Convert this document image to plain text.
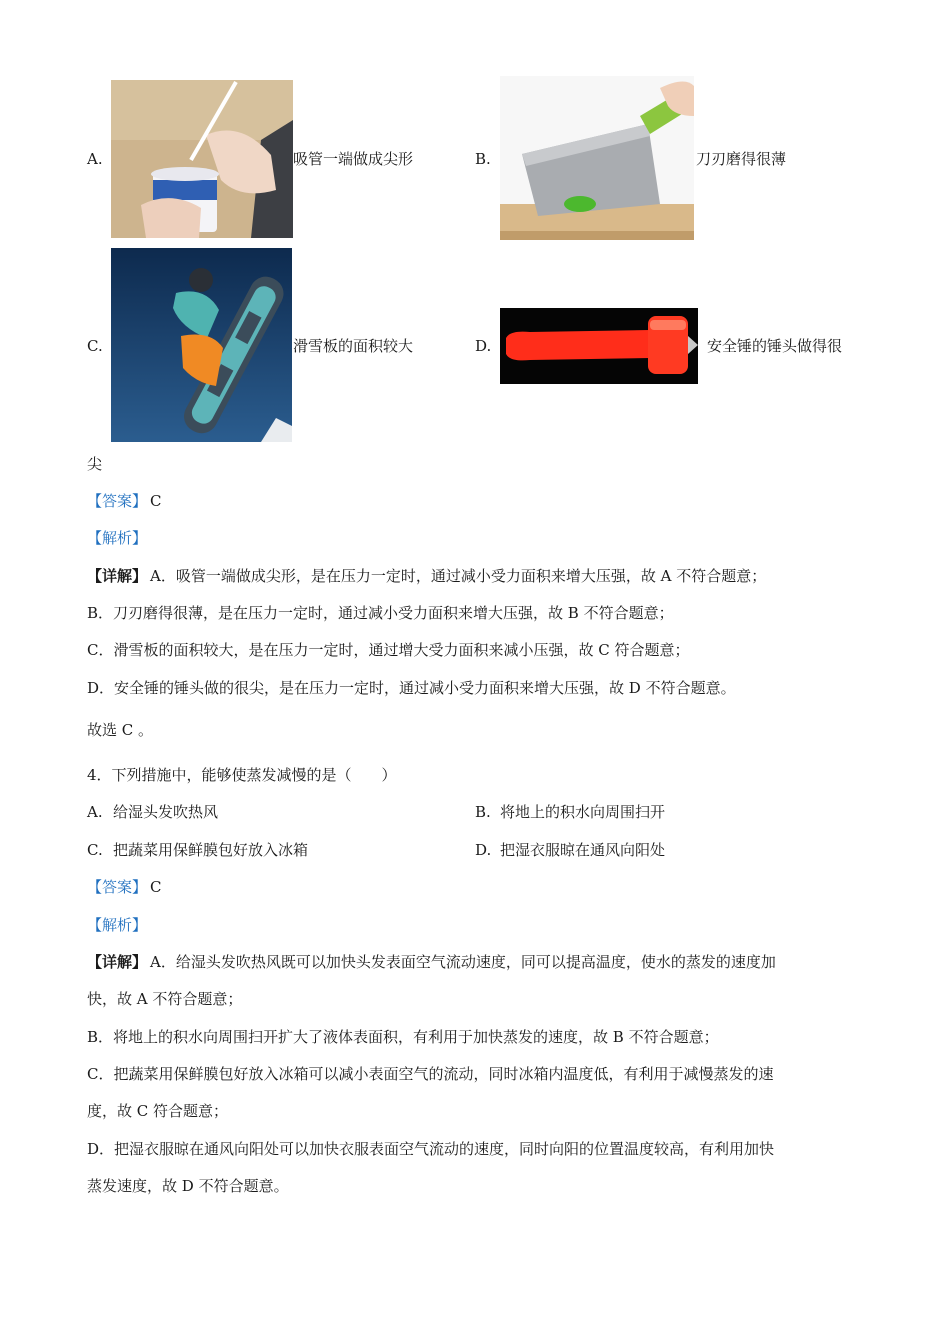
A.	吸管一端做成尖形	B.	刀刃磨得很薄
C.	滑雪板的面积较大	D.	安全锤的锤头做得很
尖
【答案】 C
【解析】
【详解】 A．吸管一端做成尖形，是在压力一定时，通过减小受力面积来增大压强，故 A 不符合题意；
B．刀刃磨得很薄，是在压力一定时，通过减小受力面积来增大压强，故 B 不符合题意；
C．滑雪板的面积较大，是在压力一定时，通过增大受力面积来减小压强，故 C 符合题意；
D．安全锤的锤头做的很尖，是在压力一定时，通过减小受力面积来增大压强，故 D 不符合题意。
故选 C 。
4．下列措施中，能够使蒸发减慢的是（　　）
A. 给湿头发吹热风	B. 将地上的积水向周围扫开
C. 把蔬菜用保鲜膜包好放入冰箱	D. 把湿衣服晾在通风向阳处
【答案】 C
【解析】
【详解】 A．给湿头发吹热风既可以加快头发表面空气流动速度，同可以提高温度，使水的蒸发的速度加
快，故 A 不符合题意；
B．将地上的积水向周围扫开扩大了液体表面积，有利用于加快蒸发的速度，故 B 不符合题意；
C．把蔬菜用保鲜膜包好放入冰箱可以减小表面空气的流动，同时冰箱内温度低，有利用于减慢蒸发的速
度，故 C 符合题意；
D．把湿衣服晾在通风向阳处可以加快衣服表面空气流动的速度，同时向阳的位置温度较高，有利用加快
蒸发速度，故 D 不符合题意。
